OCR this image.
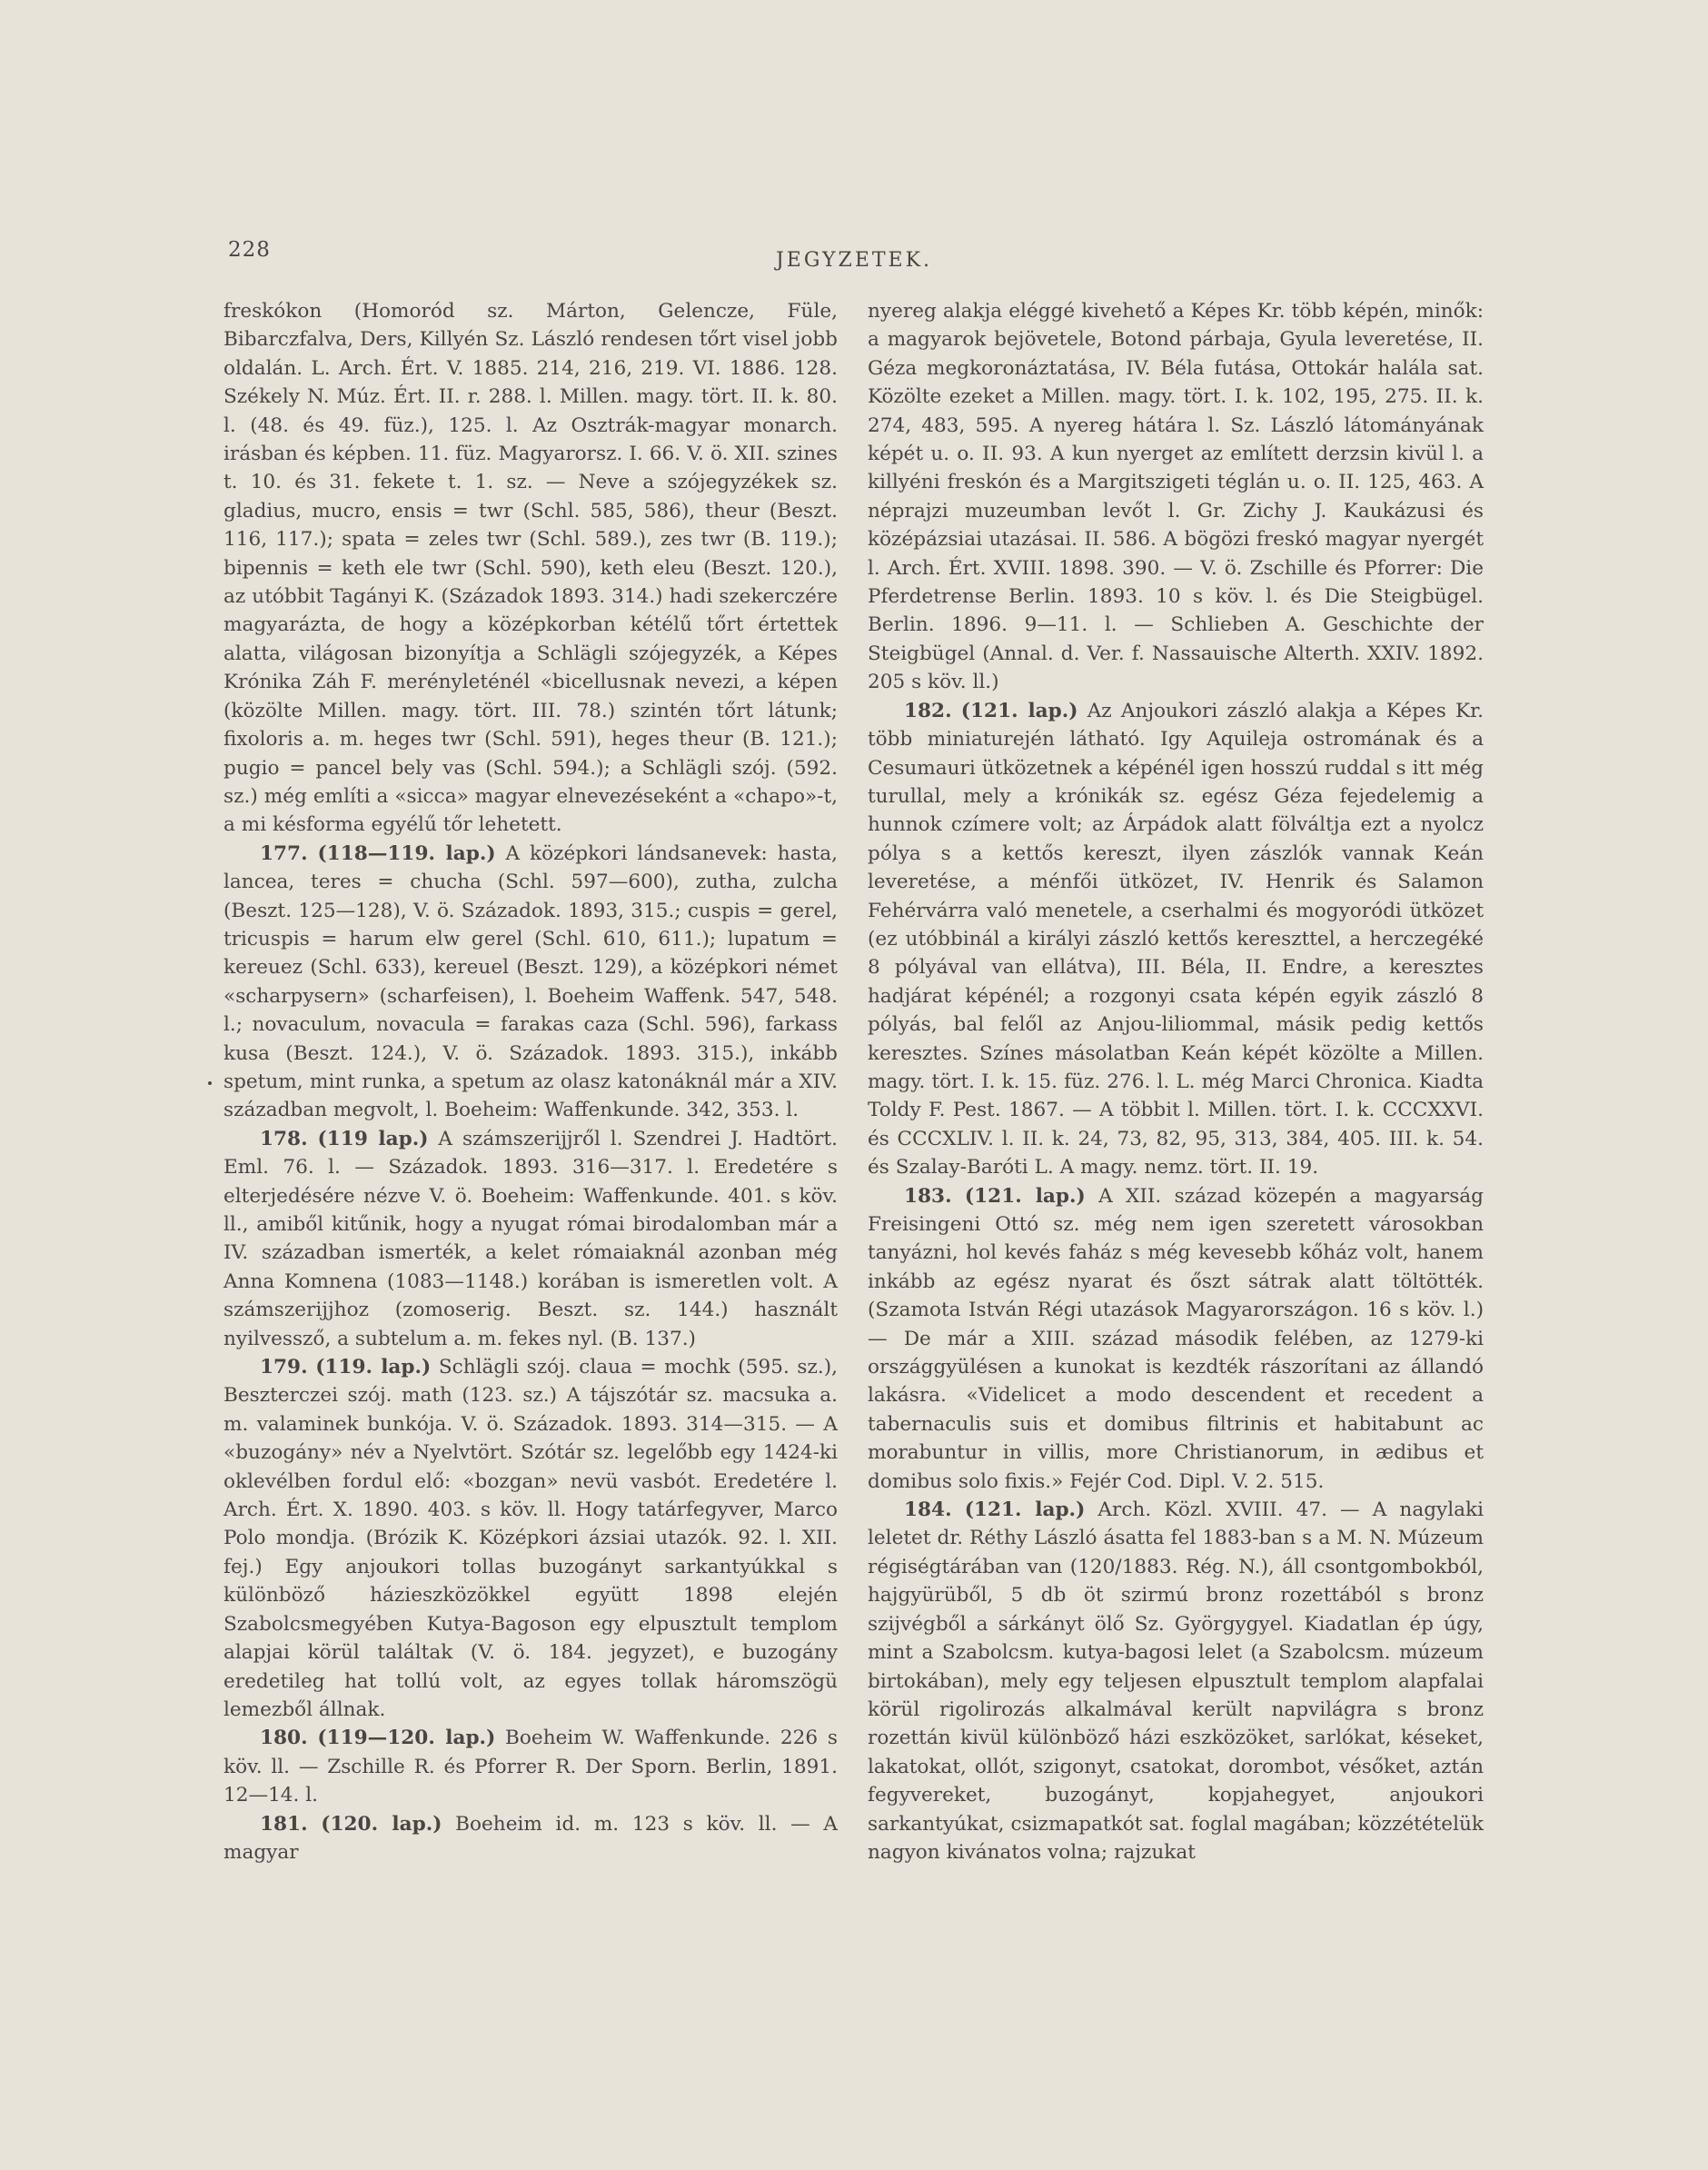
228	JEGYZETEK.

freskókon (Homoród sz. Márton, Gelencze, Füle, Bibarczfalva, Ders, Killyén Sz. László rendesen tőrt visel jobb oldalán. L. Arch. Ért. V. 1885. 214, 216, 219. VI. 1886. 128. Székely N. Múz. Ért. II. r. 288. l. Millen. magy. tört. II. k. 80. l. (48. és 49. füz.), 125. l. Az Osztrák-magyar monarch. irásban és képben. 11. füz. Magyarorsz. I. 66. V. ö. XII. szines t. 10. és 31. fekete t. 1. sz. — Neve a szójegyzékek sz. gladius, mucro, ensis = twr (Schl. 585, 586), theur (Beszt. 116, 117.); spata = zeles twr (Schl. 589.), zes twr (B. 119.); bipennis = keth ele twr (Schl. 590), keth eleu (Beszt. 120.), az utóbbit Tagányi K. (Századok 1893. 314.) hadi szekerczére magyarázta, de hogy a középkorban kétélű tőrt értettek alatta, világosan bizonyítja a Schlägli szójegyzék, a Képes Krónika Záh F. merényleténél «bicellusnak nevezi, a képen (közölte Millen. magy. tört. III. 78.) szintén tőrt látunk; fixoloris a. m. heges twr (Schl. 591), heges theur (B. 121.); pugio = pancel bely vas (Schl. 594.); a Schlägli szój. (592. sz.) még említi a «sicca» magyar elnevezéseként a «chapo»-t, a mi késforma egyélű tőr lehetett.

177. (118—119. lap.) A középkori lándsanevek: hasta, lancea, teres = chucha (Schl. 597—600), zutha, zulcha (Beszt. 125—128), V. ö. Századok. 1893, 315.; cuspis = gerel, tricuspis = harum elw gerel (Schl. 610, 611.); lupatum = kereuez (Schl. 633), kereuel (Beszt. 129), a középkori német «scharpysern» (scharfeisen), l. Boeheim Waffenk. 547, 548. l.; novaculum, novacula = farakas caza (Schl. 596), farkass kusa (Beszt. 124.), V. ö. Századok. 1893. 315.), inkább spetum, mint runka, a spetum az olasz katonáknál már a XIV. században megvolt, l. Boeheim: Waffenkunde. 342, 353. l.

178. (119 lap.) A számszerijjről l. Szendrei J. Hadtört. Eml. 76. l. — Századok. 1893. 316—317. l. Eredetére s elterjedésére nézve V. ö. Boeheim: Waffenkunde. 401. s köv. ll., amiből kitűnik, hogy a nyugat római birodalomban már a IV. században ismerték, a kelet rómaiaknál azonban még Anna Komnena (1083—1148.) korában is ismeretlen volt. A számszerijjhoz (zomoserig. Beszt. sz. 144.) használt nyilvessző, a subtelum a. m. fekes nyl. (B. 137.)

179. (119. lap.) Schlägli szój. claua = mochk (595. sz.), Beszterczei szój. math (123. sz.) A tájszótár sz. macsuka a. m. valaminek bunkója. V. ö. Századok. 1893. 314—315. — A «buzogány» név a Nyelvtört. Szótár sz. legelőbb egy 1424-ki oklevélben fordul elő: «bozgan» nevü vasbót. Eredetére l. Arch. Ért. X. 1890. 403. s köv. ll. Hogy tatárfegyver, Marco Polo mondja. (Brózik K. Középkori ázsiai utazók. 92. l. XII. fej.) Egy anjoukori tollas buzogányt sarkantyúkkal s különböző háziеszközökkel együtt 1898 elején Szabolcsmegyében Kutya-Bagoson egy elpusztult templom alapjai körül találtak (V. ö. 184. jegyzet), e buzogány eredetileg hat tollú volt, az egyes tollak háromszögü lemezből állnak.

180. (119—120. lap.) Boeheim W. Waffenkunde. 226 s köv. ll. — Zschille R. és Pforrer R. Der Sporn. Berlin, 1891. 12—14. l.

181. (120. lap.) Boeheim id. m. 123 s köv. ll. — A magyar

nyereg alakja eléggé kivehető a Képes Kr. több képén, minők: a magyarok bejövetele, Botond párbaja, Gyula leveretése, II. Géza megkoronáztatása, IV. Béla futása, Ottokár halála sat. Közölte ezeket a Millen. magy. tört. I. k. 102, 195, 275. II. k. 274, 483, 595. A nyereg hátára l. Sz. László látományának képét u. o. II. 93. A kun nyerget az említett derzsin kivül l. a killyéni freskón és a Margitszigeti téglán u. o. II. 125, 463. A néprajzi muzeumban levőt l. Gr. Zichy J. Kaukázusi és középázsiai utazásai. II. 586. A bögözi freskó magyar nyergét l. Arch. Ért. XVIII. 1898. 390. — V. ö. Zschille és Pforrer: Die Pferdetrense Berlin. 1893. 10 s köv. l. és Die Steigbügel. Berlin. 1896. 9—11. l. — Schlieben A. Geschichte der Steigbügel (Annal. d. Ver. f. Nassauische Alterth. XXIV. 1892. 205 s köv. ll.)

182. (121. lap.) Az Anjoukori zászló alakja a Képes Kr. több miniaturején látható. Igy Aquileja ostromának és a Cesumauri ütközetnek a képénél igen hosszú ruddal s itt még turullal, mely a krónikák sz. egész Géza fejedelemig a hunnok czímere volt; az Árpádok alatt fölváltja ezt a nyolcz pólya s a kettős kereszt, ilyen zászlók vannak Keán leveretése, a ménfői ütközet, IV. Henrik és Salamon Fehérvárra való menetele, a cserhalmi és mogyoródi ütközet (ez utóbbinál a királyi zászló kettős kereszttel, a herczegéké 8 pólyával van ellátva), III. Béla, II. Endre, a keresztes hadjárat képénél; a rozgonyi csata képén egyik zászló 8 pólyás, bal felől az Anjou-liliommal, másik pedig kettős keresztes. Színes másolatban Keán képét közölte a Millen. magy. tört. I. k. 15. füz. 276. l. L. még Marci Chronica. Kiadta Toldy F. Pest. 1867. — A többit l. Millen. tört. I. k. CCCXXVI. és CCCXLIV. l. II. k. 24, 73, 82, 95, 313, 384, 405. III. k. 54. és Szalay-Baróti L. A magy. nemz. tört. II. 19.

183. (121. lap.) A XII. század közepén a magyarság Freisingeni Ottó sz. még nem igen szeretett városokban tanyázni, hol kevés faház s még kevesebb kőház volt, hanem inkább az egész nyarat és őszt sátrak alatt töltötték. (Szamota István Régi utazások Magyarországon. 16 s köv. l.) — De már a XIII. század második felében, az 1279-ki országgyülésen a kunokat is kezdték rászorítani az állandó lakásra. «Videlicet a modo descendent et recedent a tabernaculis suis et domibus filtrinis et habitabunt ac morabuntur in villis, more Christianorum, in ædibus et domibus solo fixis.» Fejér Cod. Dipl. V. 2. 515.

184. (121. lap.) Arch. Közl. XVIII. 47. — A nagylaki leletet dr. Réthy László ásatta fel 1883-ban s a M. N. Múzeum régiségtárában van (120/1883. Rég. N.), áll csontgombokból, hajgyürüből, 5 db öt szirmú bronz rozettából s bronz szijvégből a sárkányt ölő Sz. Györgygyel. Kiadatlan ép úgy, mint a Szabolcsm. kutya-bagosi lelet (a Szabolcsm. múzeum birtokában), mely egy teljesen elpusztult templom alapfalai körül rigolirozás alkalmával került napvilágra s bronz rozettán kivül különböző házi eszközöket, sarlókat, késeket, lakatokat, ollót, szigonyt, csatokat, dorombot, vésőket, aztán fegyvereket, buzogányt, kopjahegyet, anjoukori sarkantyúkat, csizmapatkót sat. foglal magában; közzétételük nagyon kivánatos volna; rajzukat
